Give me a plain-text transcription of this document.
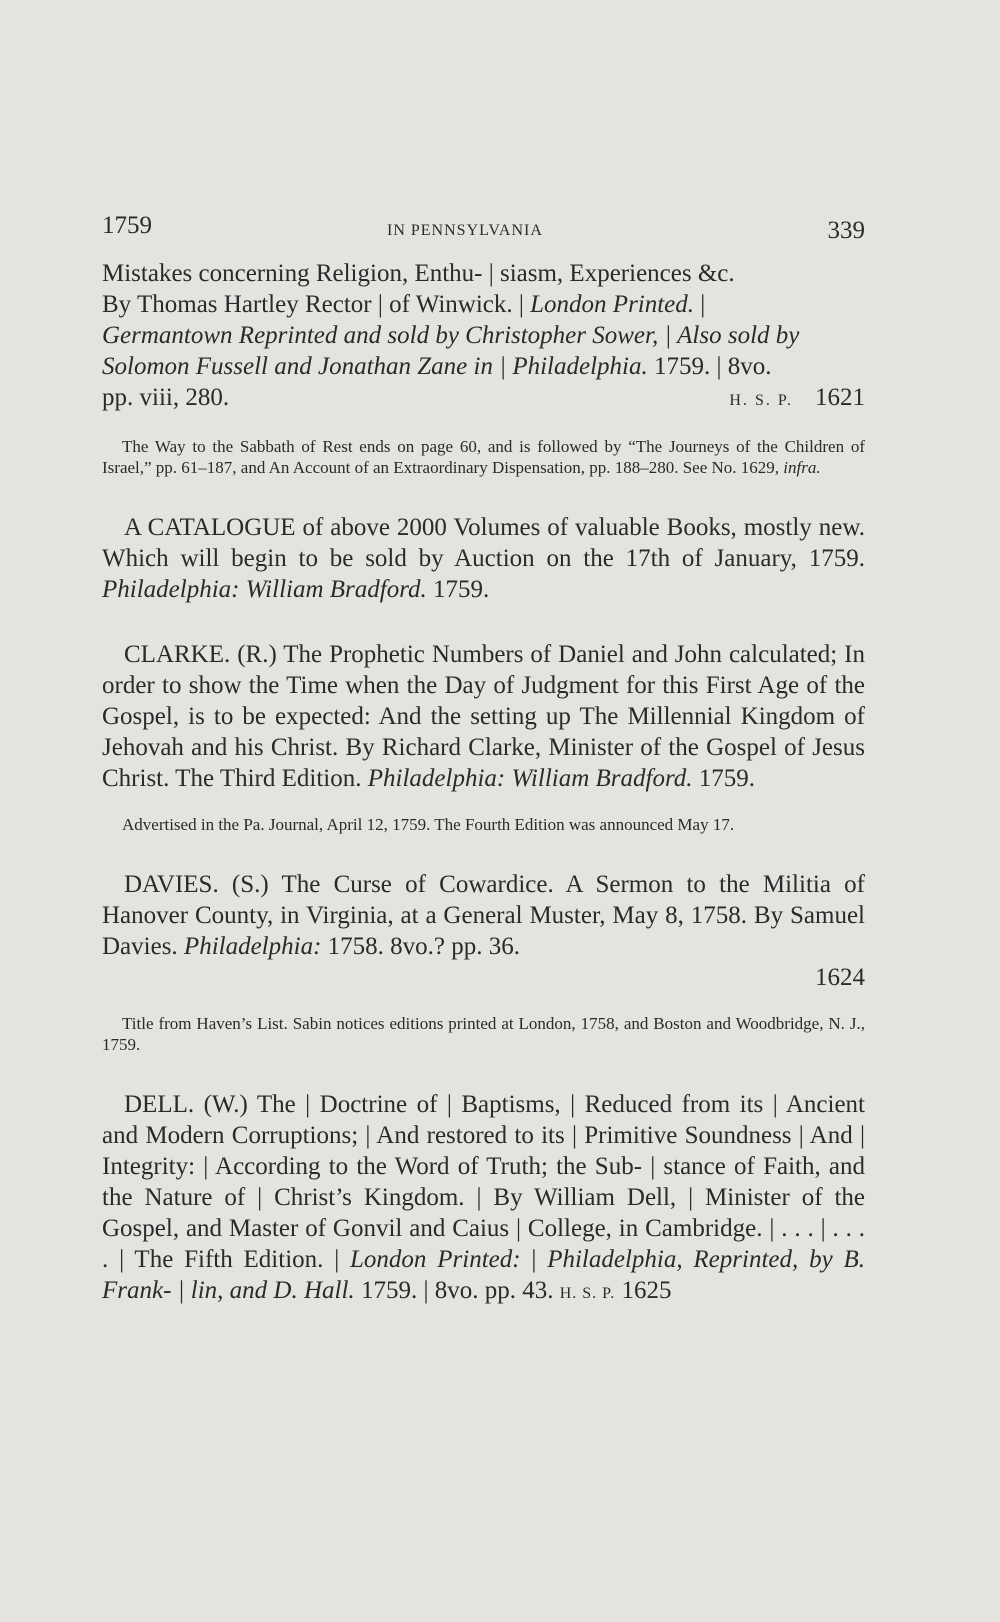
1759	IN PENNSYLVANIA	339
Mistakes concerning Religion, Enthu- | siasm, Experiences &c.
By Thomas Hartley Rector | of Winwick. | London Printed. |
Germantown Reprinted and sold by Christopher Sower, | Also sold by
Solomon Fussell and Jonathan Zane in | Philadelphia. 1759. | 8vo.
pp. viii, 280.	H. S. P. 1621

The Way to the Sabbath of Rest ends on page 60, and is followed by “The Journeys of the Children of Israel,” pp. 61–187, and An Account of an Extraordinary Dispensation, pp. 188–280. See No. 1629, infra.

A CATALOGUE of above 2000 Volumes of valuable Books, mostly new. Which will begin to be sold by Auction on the 17th of January, 1759. Philadelphia: William Bradford. 1759.

CLARKE. (R.) The Prophetic Numbers of Daniel and John calculated; In order to show the Time when the Day of Judgment for this First Age of the Gospel, is to be expected: And the setting up The Millennial Kingdom of Jehovah and his Christ. By Richard Clarke, Minister of the Gospel of Jesus Christ. The Third Edition. Philadelphia: William Bradford. 1759.

Advertised in the Pa. Journal, April 12, 1759. The Fourth Edition was announced May 17.

DAVIES. (S.) The Curse of Cowardice. A Sermon to the Militia of Hanover County, in Virginia, at a General Muster, May 8, 1758. By Samuel Davies. Philadelphia: 1758. 8vo.? pp. 36.
1624

Title from Haven’s List. Sabin notices editions printed at London, 1758, and Boston and Woodbridge, N. J., 1759.

DELL. (W.) The | Doctrine of | Baptisms, | Reduced from its | Ancient and Modern Corruptions; | And restored to its | Primitive Soundness | And | Integrity: | According to the Word of Truth; the Sub- | stance of Faith, and the Nature of | Christ’s Kingdom. | By William Dell, | Minister of the Gospel, and Master of Gonvil and Caius | College, in Cambridge. | . . . | . . . . | The Fifth Edition. | London Printed: | Philadelphia, Reprinted, by B. Frank- | lin, and D. Hall. 1759. | 8vo. pp. 43. H. S. P. 1625
